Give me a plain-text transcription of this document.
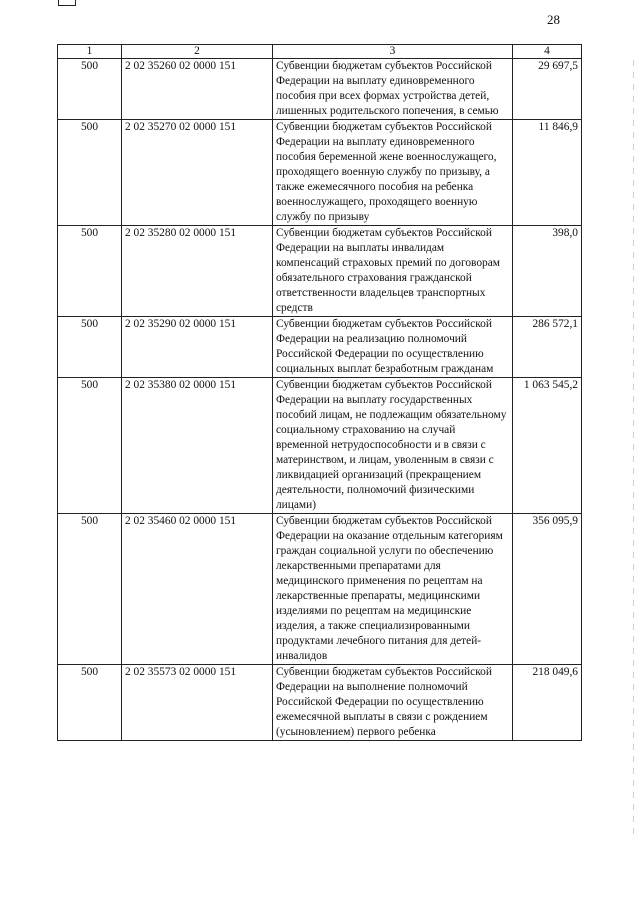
28
1	2	3	4
500	2 02 35260 02 0000 151	Субвенции бюджетам субъектов Российской Федерации на выплату единовременного пособия при всех формах устройства детей, лишенных родительского попечения, в семью	29 697,5
500	2 02 35270 02 0000 151	Субвенции бюджетам субъектов Российской Федерации на выплату единовременного пособия беременной жене военнослужащего, проходящего военную службу по призыву, а также ежемесячного пособия на ребенка военнослужащего, проходящего военную службу по призыву	11 846,9
500	2 02 35280 02 0000 151	Субвенции бюджетам субъектов Российской Федерации на выплаты инвалидам компенсаций страховых премий по договорам обязательного страхования гражданской ответственности владельцев транспортных средств	398,0
500	2 02 35290 02 0000 151	Субвенции бюджетам субъектов Российской Федерации на реализацию полномочий Российской Федерации по осуществлению социальных выплат безработным гражданам	286 572,1
500	2 02 35380 02 0000 151	Субвенции бюджетам субъектов Российской Федерации на выплату государственных пособий лицам, не подлежащим обязательному социальному страхованию на случай временной нетрудоспособности и в связи с материнством, и лицам, уволенным в связи с ликвидацией организаций (прекращением деятельности, полномочий физическими лицами)	1 063 545,2
500	2 02 35460 02 0000 151	Субвенции бюджетам субъектов Российской Федерации на оказание отдельным категориям граждан социальной услуги по обеспечению лекарственными препаратами для медицинского применения по рецептам на лекарственные препараты, медицинскими изделиями по рецептам на медицинские изделия, а также специализированными продуктами лечебного питания для детей-инвалидов	356 095,9
500	2 02 35573 02 0000 151	Субвенции бюджетам субъектов Российской Федерации на выполнение полномочий Российской Федерации по осуществлению ежемесячной выплаты в связи с рождением (усыновлением) первого ребенка	218 049,6
